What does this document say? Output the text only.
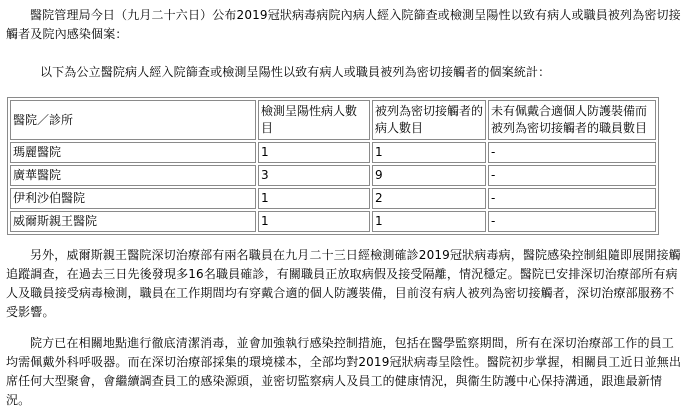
醫院管理局今日（九月二十六日）公布2019冠狀病毒病院內病人經入院篩查或檢測呈陽性以致有病人或職員被列為密切接觸者及院內感染個案：

以下為公立醫院病人經入院篩查或檢測呈陽性以致有病人或職員被列為密切接觸者的個案統計：

醫院／診所	檢測呈陽性病人數目	被列為密切接觸者的病人數目	未有佩戴合適個人防護裝備而被列為密切接觸者的職員數目
瑪麗醫院	1	1	-
廣華醫院	3	9	-
伊利沙伯醫院	1	2	-
威爾斯親王醫院	1	1	-

另外，威爾斯親王醫院深切治療部有兩名職員在九月二十三日經檢測確診2019冠狀病毒病，醫院感染控制組隨即展開接觸追蹤調查，在過去三日先後發現多16名職員確診，有關職員正放取病假及接受隔離，情況穩定。醫院已安排深切治療部所有病人及職員接受病毒檢測，職員在工作期間均有穿戴合適的個人防護裝備，目前沒有病人被列為密切接觸者，深切治療部服務不受影響。

院方已在相關地點進行徹底清潔消毒，並會加強執行感染控制措施，包括在醫學監察期間，所有在深切治療部工作的員工均需佩戴外科呼吸器。而在深切治療部採集的環境樣本，全部均對2019冠狀病毒呈陰性。醫院初步掌握，相關員工近日並無出席任何大型聚會，會繼續調查員工的感染源頭，並密切監察病人及員工的健康情況，與衞生防護中心保持溝通，跟進最新情況。
